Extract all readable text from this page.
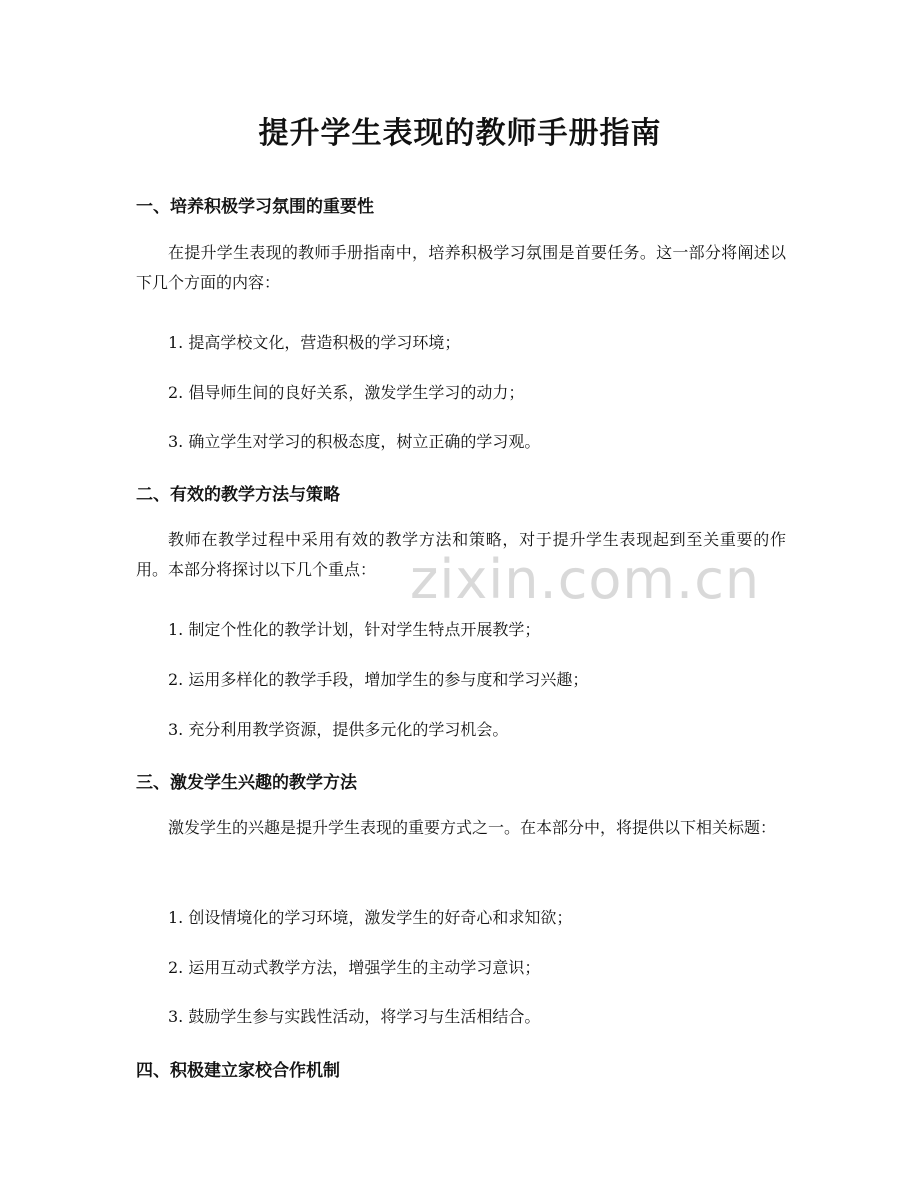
提升学生表现的教师手册指南
一、培养积极学习氛围的重要性
在提升学生表现的教师手册指南中，培养积极学习氛围是首要任务。这一部分将阐述以下几个方面的内容：
1. 提高学校文化，营造积极的学习环境；
2. 倡导师生间的良好关系，激发学生学习的动力；
3. 确立学生对学习的积极态度，树立正确的学习观。
二、有效的教学方法与策略
教师在教学过程中采用有效的教学方法和策略，对于提升学生表现起到至关重要的作用。本部分将探讨以下几个重点：
1. 制定个性化的教学计划，针对学生特点开展教学；
2. 运用多样化的教学手段，增加学生的参与度和学习兴趣；
3. 充分利用教学资源，提供多元化的学习机会。
三、激发学生兴趣的教学方法
激发学生的兴趣是提升学生表现的重要方式之一。在本部分中，将提供以下相关标题：
1. 创设情境化的学习环境，激发学生的好奇心和求知欲；
2. 运用互动式教学方法，增强学生的主动学习意识；
3. 鼓励学生参与实践性活动，将学习与生活相结合。
四、积极建立家校合作机制
zixin.com.cn
